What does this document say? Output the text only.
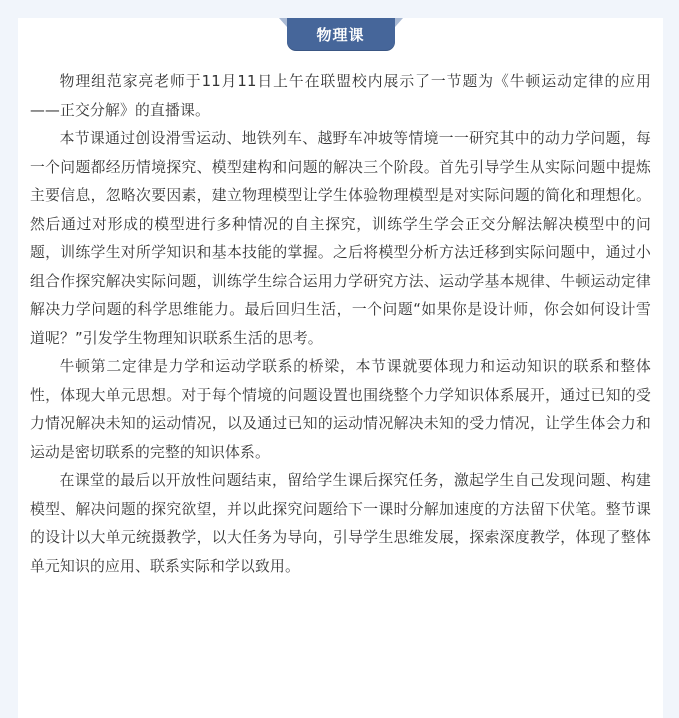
物理课

物理组范家亮老师于11月11日上午在联盟校内展示了一节题为《牛顿运动定律的应用——正交分解》的直播课。

本节课通过创设滑雪运动、地铁列车、越野车冲坡等情境一一研究其中的动力学问题，每一个问题都经历情境探究、模型建构和问题的解决三个阶段。首先引导学生从实际问题中提炼主要信息，忽略次要因素，建立物理模型让学生体验物理模型是对实际问题的简化和理想化。然后通过对形成的模型进行多种情况的自主探究，训练学生学会正交分解法解决模型中的问题，训练学生对所学知识和基本技能的掌握。之后将模型分析方法迁移到实际问题中，通过小组合作探究解决实际问题，训练学生综合运用力学研究方法、运动学基本规律、牛顿运动定律解决力学问题的科学思维能力。最后回归生活，一个问题“如果你是设计师，你会如何设计雪道呢？”引发学生物理知识联系生活的思考。

牛顿第二定律是力学和运动学联系的桥梁，本节课就要体现力和运动知识的联系和整体性，体现大单元思想。对于每个情境的问题设置也围绕整个力学知识体系展开，通过已知的受力情况解决未知的运动情况，以及通过已知的运动情况解决未知的受力情况，让学生体会力和运动是密切联系的完整的知识体系。

在课堂的最后以开放性问题结束，留给学生课后探究任务，激起学生自己发现问题、构建模型、解决问题的探究欲望，并以此探究问题给下一课时分解加速度的方法留下伏笔。整节课的设计以大单元统摄教学，以大任务为导向，引导学生思维发展，探索深度教学，体现了整体单元知识的应用、联系实际和学以致用。
